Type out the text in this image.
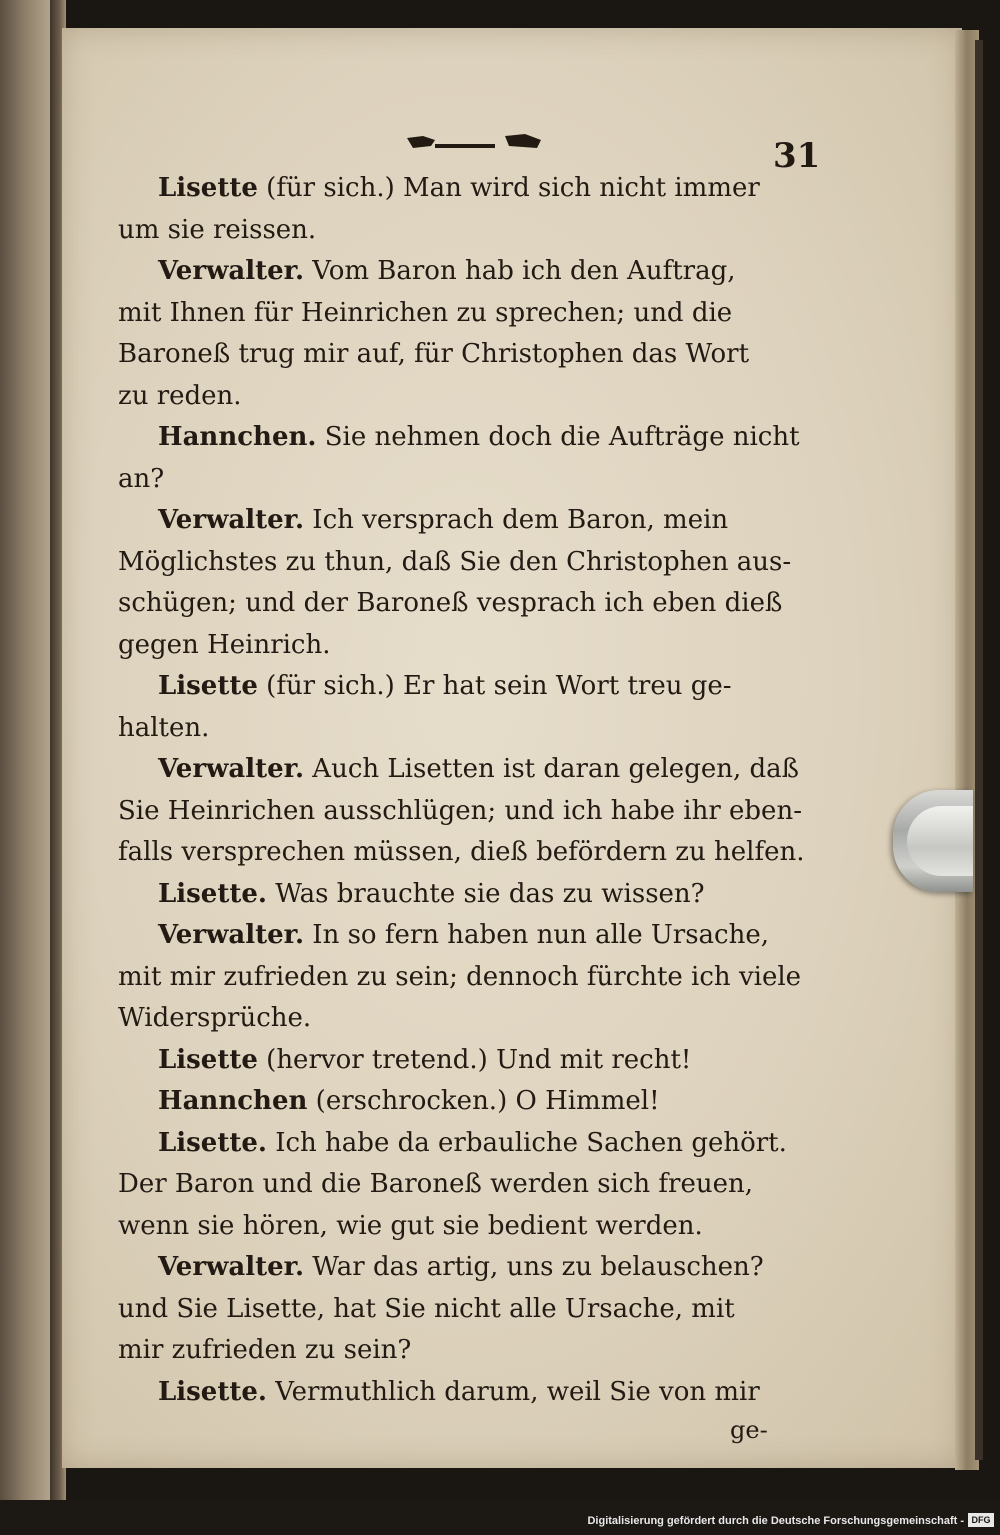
31
Lisette (für sich.) Man wird sich nicht immer
um sie reissen.
Verwalter. Vom Baron hab ich den Auftrag,
mit Ihnen für Heinrichen zu sprechen; und die
Baroneß trug mir auf, für Christophen das Wort
zu reden.
Hannchen. Sie nehmen doch die Aufträge nicht
an?
Verwalter. Ich versprach dem Baron, mein
Möglichstes zu thun, daß Sie den Christophen aus-
schügen; und der Baroneß vesprach ich eben dieß
gegen Heinrich.
Lisette (für sich.) Er hat sein Wort treu ge-
halten.
Verwalter. Auch Lisetten ist daran gelegen, daß
Sie Heinrichen ausschlügen; und ich habe ihr eben-
falls versprechen müssen, dieß befördern zu helfen.
Lisette. Was brauchte sie das zu wissen?
Verwalter. In so fern haben nun alle Ursache,
mit mir zufrieden zu sein; dennoch fürchte ich viele
Widersprüche.
Lisette (hervor tretend.) Und mit recht!
Hannchen (erschrocken.) O Himmel!
Lisette. Ich habe da erbauliche Sachen gehört.
Der Baron und die Baroneß werden sich freuen,
wenn sie hören, wie gut sie bedient werden.
Verwalter. War das artig, uns zu belauschen?
und Sie Lisette, hat Sie nicht alle Ursache, mit
mir zufrieden zu sein?
Lisette. Vermuthlich darum, weil Sie von mir
ge-
Digitalisierung gefördert durch die Deutsche Forschungsgemeinschaft - DFG
